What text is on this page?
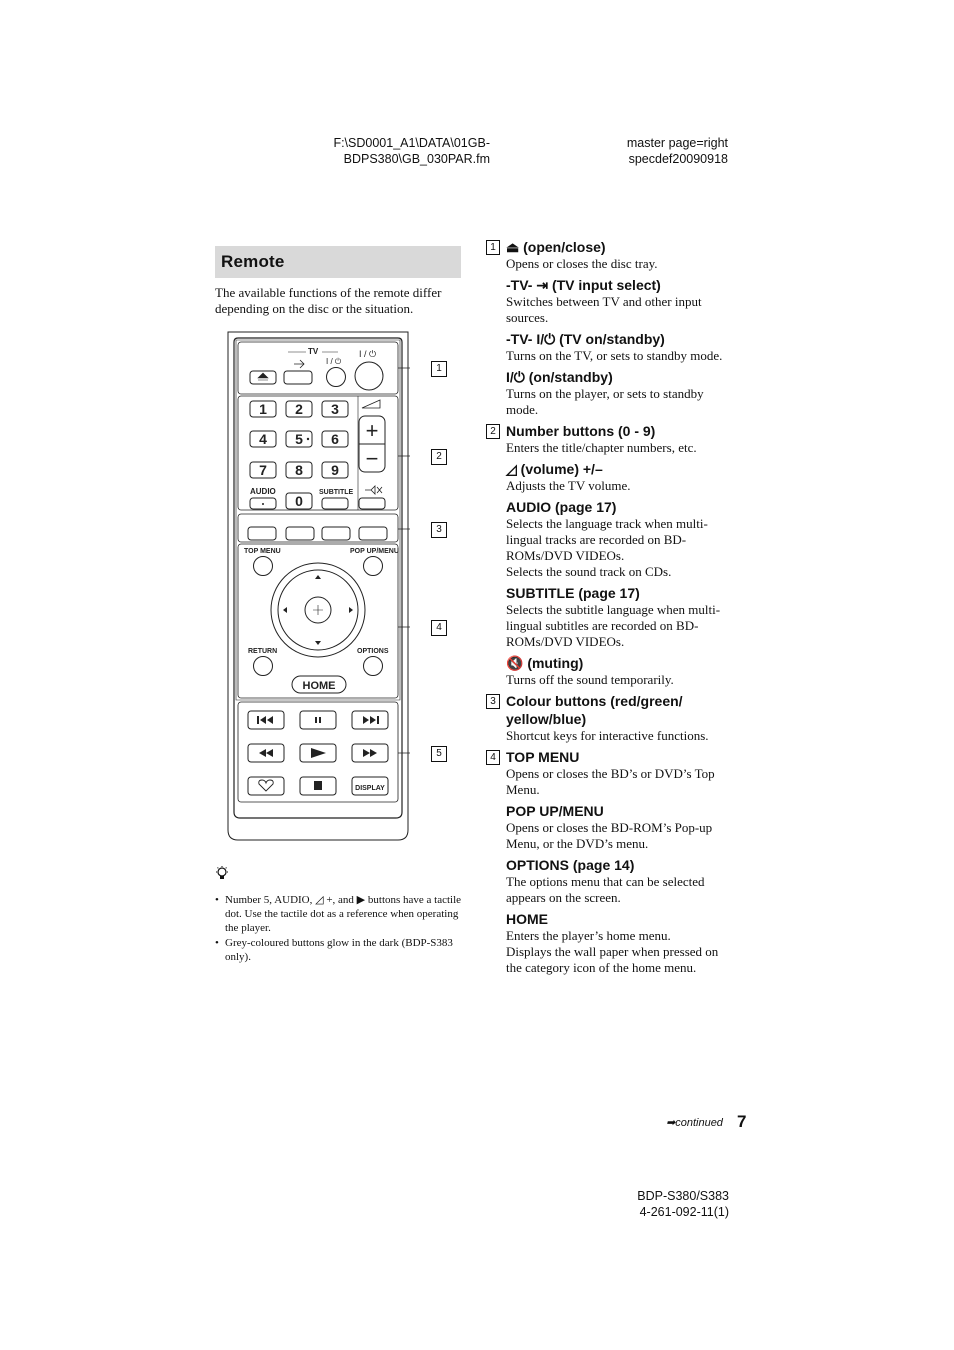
F:\SD0001_A1\DATA\01GB-
BDPS380\GB_030PAR.fm
master page=right
specdef20090918
Remote
The available functions of the remote differ depending on the disc or the situation.
TV
I / ⏻
I / ⏻
1 2 3
4 5 6
7 8 9
0
AUDIO	SUBTITLE
+
−
TOP MENU	POP UP/MENU
RETURN	OPTIONS
HOME
DISPLAY
1
2
3
4
5
• Number 5, AUDIO, ◿ +, and ▶ buttons have a tactile dot. Use the tactile dot as a reference when operating the player.
• Grey-coloured buttons glow in the dark (BDP-S383 only).
1 ⏏ (open/close)
Opens or closes the disc tray.
-TV- ⇥ (TV input select)
Switches between TV and other input sources.
-TV- I/⏻ (TV on/standby)
Turns on the TV, or sets to standby mode.
I/⏻ (on/standby)
Turns on the player, or sets to standby mode.
2 Number buttons (0 - 9)
Enters the title/chapter numbers, etc.
◿ (volume) +/–
Adjusts the TV volume.
AUDIO (page 17)
Selects the language track when multi-lingual tracks are recorded on BD-ROMs/DVD VIDEOs.
Selects the sound track on CDs.
SUBTITLE (page 17)
Selects the subtitle language when multi-lingual subtitles are recorded on BD-ROMs/DVD VIDEOs.
🔇 (muting)
Turns off the sound temporarily.
3 Colour buttons (red/green/ yellow/blue)
Shortcut keys for interactive functions.
4 TOP MENU
Opens or closes the BD’s or DVD’s Top Menu.
POP UP/MENU
Opens or closes the BD-ROM’s Pop-up Menu, or the DVD’s menu.
OPTIONS (page 14)
The options menu that can be selected appears on the screen.
HOME
Enters the player’s home menu.
Displays the wall paper when pressed on the category icon of the home menu.
➡continued 7
BDP-S380/S383
4-261-092-11(1)
